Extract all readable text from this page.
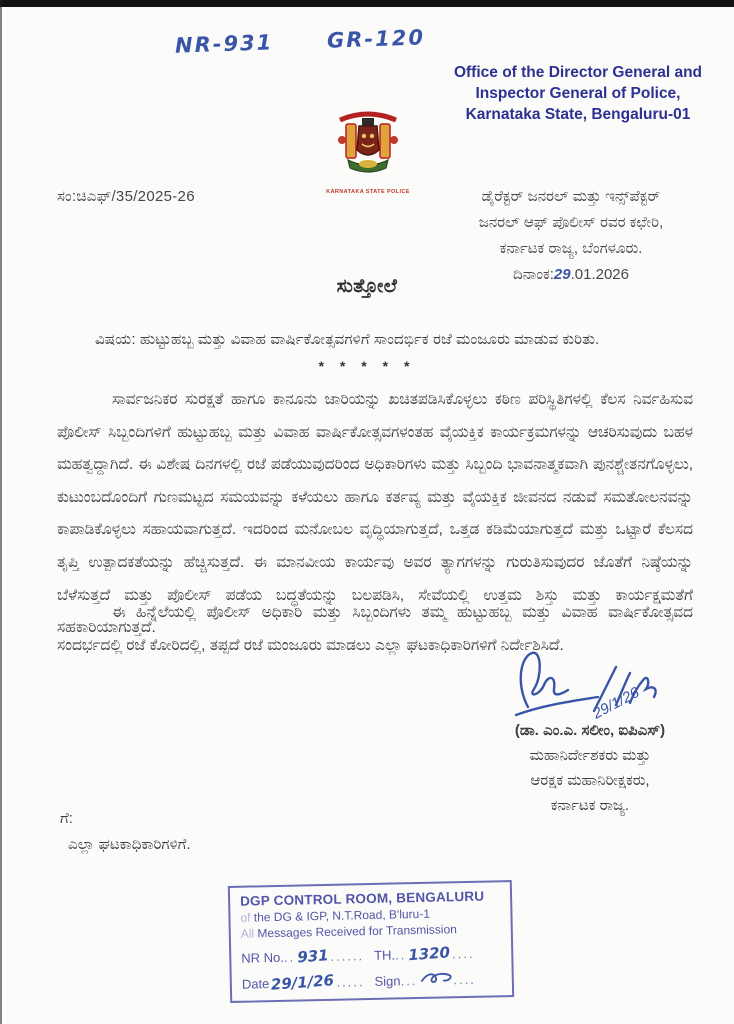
NR-931	GR-120
Office of the Director General and
Inspector General of Police,
Karnataka State, Bengaluru-01
KARNATAKA STATE POLICE
ಸಂ:ಚಿಎಫ್/35/2025-26	ಡೈರೆಕ್ಟರ್ ಜನರಲ್ ಮತ್ತು ಇನ್ಸ್‌ಪೆಕ್ಟರ್
ಜನರಲ್ ಆಫ್ ಪೊಲೀಸ್ ರವರ ಕಛೇರಿ,
ಕರ್ನಾಟಕ ರಾಜ್ಯ, ಬೆಂಗಳೂರು.
ದಿನಾಂಕ:29.01.2026
ಸುತ್ತೋಲೆ
ವಿಷಯ: ಹುಟ್ಟುಹಬ್ಬ ಮತ್ತು ವಿವಾಹ ವಾರ್ಷಿಕೋತ್ಸವಗಳಿಗೆ ಸಾಂದರ್ಭಿಕ ರಜೆ ಮಂಜೂರು ಮಾಡುವ ಕುರಿತು.
* * * * *
ಸಾರ್ವಜನಿಕರ ಸುರಕ್ಷತೆ ಹಾಗೂ ಕಾನೂನು ಜಾರಿಯನ್ನು ಖಚಿತಪಡಿಸಿಕೊಳ್ಳಲು ಕಠಿಣ ಪರಿಸ್ಥಿತಿಗಳಲ್ಲಿ ಕೆಲಸ ನಿರ್ವಹಿಸುವ ಪೊಲೀಸ್ ಸಿಬ್ಬಂದಿಗಳಿಗೆ ಹುಟ್ಟುಹಬ್ಬ ಮತ್ತು ವಿವಾಹ ವಾರ್ಷಿಕೋತ್ಸವಗಳಂತಹ ವೈಯಕ್ತಿಕ ಕಾರ್ಯಕ್ರಮಗಳನ್ನು ಆಚರಿಸುವುದು ಬಹಳ ಮಹತ್ವದ್ದಾಗಿದೆ. ಈ ವಿಶೇಷ ದಿನಗಳಲ್ಲಿ ರಜೆ ಪಡೆಯುವುದರಿಂದ ಅಧಿಕಾರಿಗಳು ಮತ್ತು ಸಿಬ್ಬಂದಿ ಭಾವನಾತ್ಮಕವಾಗಿ ಪುನಶ್ಚೇತನಗೊಳ್ಳಲು, ಕುಟುಂಬದೊಂದಿಗೆ ಗುಣಮಟ್ಟದ ಸಮಯವನ್ನು ಕಳೆಯಲು ಹಾಗೂ ಕರ್ತವ್ಯ ಮತ್ತು ವೈಯಕ್ತಿಕ ಜೀವನದ ನಡುವೆ ಸಮತೋಲನವನ್ನು ಕಾಪಾಡಿಕೊಳ್ಳಲು ಸಹಾಯವಾಗುತ್ತದೆ. ಇದರಿಂದ ಮನೋಬಲ ವೃದ್ಧಿಯಾಗುತ್ತದೆ, ಒತ್ತಡ ಕಡಿಮೆಯಾಗುತ್ತದೆ ಮತ್ತು ಒಟ್ಟಾರೆ ಕೆಲಸದ ತೃಪ್ತಿ ಉತ್ಪಾದಕತೆಯನ್ನು ಹೆಚ್ಚಿಸುತ್ತದೆ. ಈ ಮಾನವೀಯ ಕಾರ್ಯವು ಅವರ ತ್ಯಾಗಗಳನ್ನು ಗುರುತಿಸುವುದರ ಜೊತೆಗೆ ನಿಷ್ಠೆಯನ್ನು ಬೆಳೆಸುತ್ತದೆ ಮತ್ತು ಪೊಲೀಸ್ ಪಡೆಯ ಬದ್ಧತೆಯನ್ನು ಬಲಪಡಿಸಿ, ಸೇವೆಯಲ್ಲಿ ಉತ್ತಮ ಶಿಸ್ತು ಮತ್ತು ಕಾರ್ಯಕ್ಷಮತೆಗೆ ಸಹಕಾರಿಯಾಗುತ್ತದೆ.
ಈ ಹಿನ್ನೆಲೆಯಲ್ಲಿ ಪೊಲೀಸ್ ಅಧಿಕಾರಿ ಮತ್ತು ಸಿಬ್ಬಂದಿಗಳು ತಮ್ಮ ಹುಟ್ಟುಹಬ್ಬ ಮತ್ತು ವಿವಾಹ ವಾರ್ಷಿಕೋತ್ಸವದ ಸಂದರ್ಭದಲ್ಲಿ ರಜೆ ಕೋರಿದಲ್ಲಿ, ತಪ್ಪದೆ ರಜೆ ಮಂಜೂರು ಮಾಡಲು ಎಲ್ಲಾ ಘಟಕಾಧಿಕಾರಿಗಳಿಗೆ ನಿರ್ದೇಶಿಸಿದೆ.
29/1/26
(ಡಾ. ಎಂ.ಎ. ಸಲೀಂ, ಐಪಿಎಸ್)
ಮಹಾನಿರ್ದೇಶಕರು ಮತ್ತು
ಆರಕ್ಷಕ ಮಹಾನಿರೀಕ್ಷಕರು,
ಕರ್ನಾಟಕ ರಾಜ್ಯ.
ಗೆ:
ಎಲ್ಲಾ ಘಟಕಾಧಿಕಾರಿಗಳಿಗೆ.
DGP CONTROL ROOM, BENGALURU
of the DG & IGP, N.T.Road, B'luru-1
All Messages Received for Transmission
NR No. .. 931 ...... TH. .. 1320 ....
Date 29/1/26 ..... Sign ...	....
